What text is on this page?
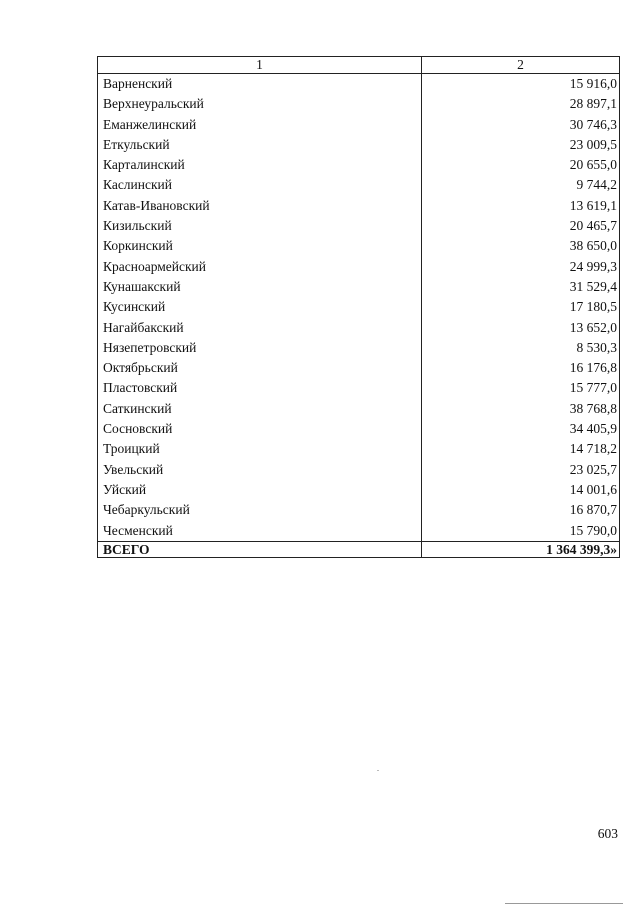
1	2
Варненский	15 916,0
Верхнеуральский	28 897,1
Еманжелинский	30 746,3
Еткульский	23 009,5
Карталинский	20 655,0
Каслинский	9 744,2
Катав-Ивановский	13 619,1
Кизильский	20 465,7
Коркинский	38 650,0
Красноармейский	24 999,3
Кунашакский	31 529,4
Кусинский	17 180,5
Нагайбакский	13 652,0
Нязепетровский	8 530,3
Октябрьский	16 176,8
Пластовский	15 777,0
Саткинский	38 768,8
Сосновский	34 405,9
Троицкий	14 718,2
Увельский	23 025,7
Уйский	14 001,6
Чебаркульский	16 870,7
Чесменский	15 790,0
ВСЕГО	1 364 399,3»
603
